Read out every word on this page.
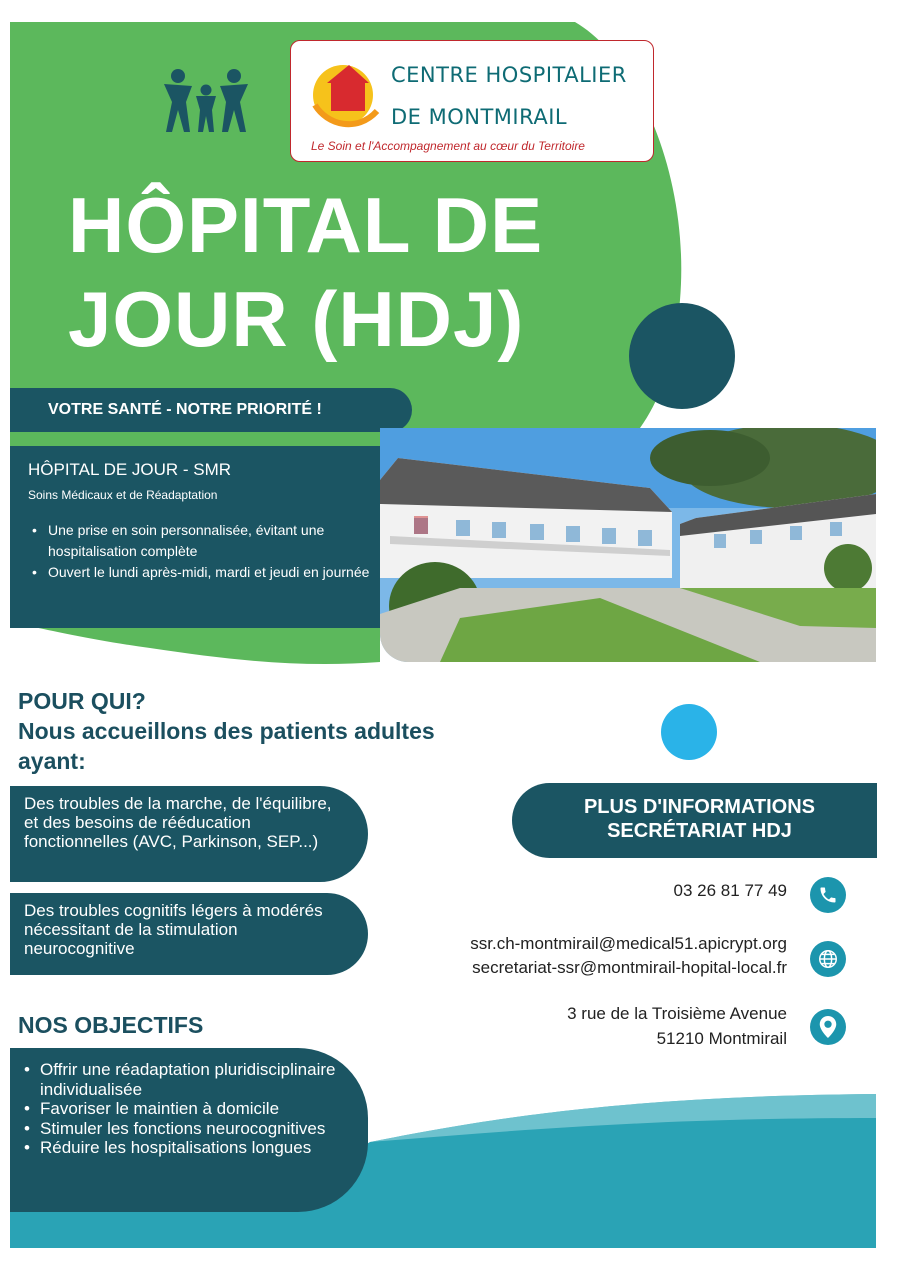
CENTRE HOSPITALIER
DE MONTMIRAIL
Le Soin et l'Accompagnement au cœur du Territoire
HÔPITAL DE
JOUR (HDJ)
VOTRE SANTÉ - NOTRE PRIORITÉ !
HÔPITAL DE JOUR - SMR
Soins Médicaux et de Réadaptation
• Une prise en soin personnalisée, évitant une hospitalisation complète
• Ouvert le lundi après-midi, mardi et jeudi en journée
POUR QUI?
Nous accueillons des patients adultes ayant:
Des troubles de la marche, de l'équilibre, et des besoins de rééducation fonctionnelles (AVC, Parkinson, SEP...)
Des troubles cognitifs légers à modérés nécessitant de la stimulation neurocognitive
NOS OBJECTIFS
• Offrir une réadaptation pluridisciplinaire individualisée
• Favoriser le maintien à domicile
• Stimuler les fonctions neurocognitives
• Réduire les hospitalisations longues
PLUS D'INFORMATIONS
SECRÉTARIAT HDJ
03 26 81 77 49
ssr.ch-montmirail@medical51.apicrypt.org
secretariat-ssr@montmirail-hopital-local.fr
3 rue de la Troisième Avenue
51210 Montmirail
